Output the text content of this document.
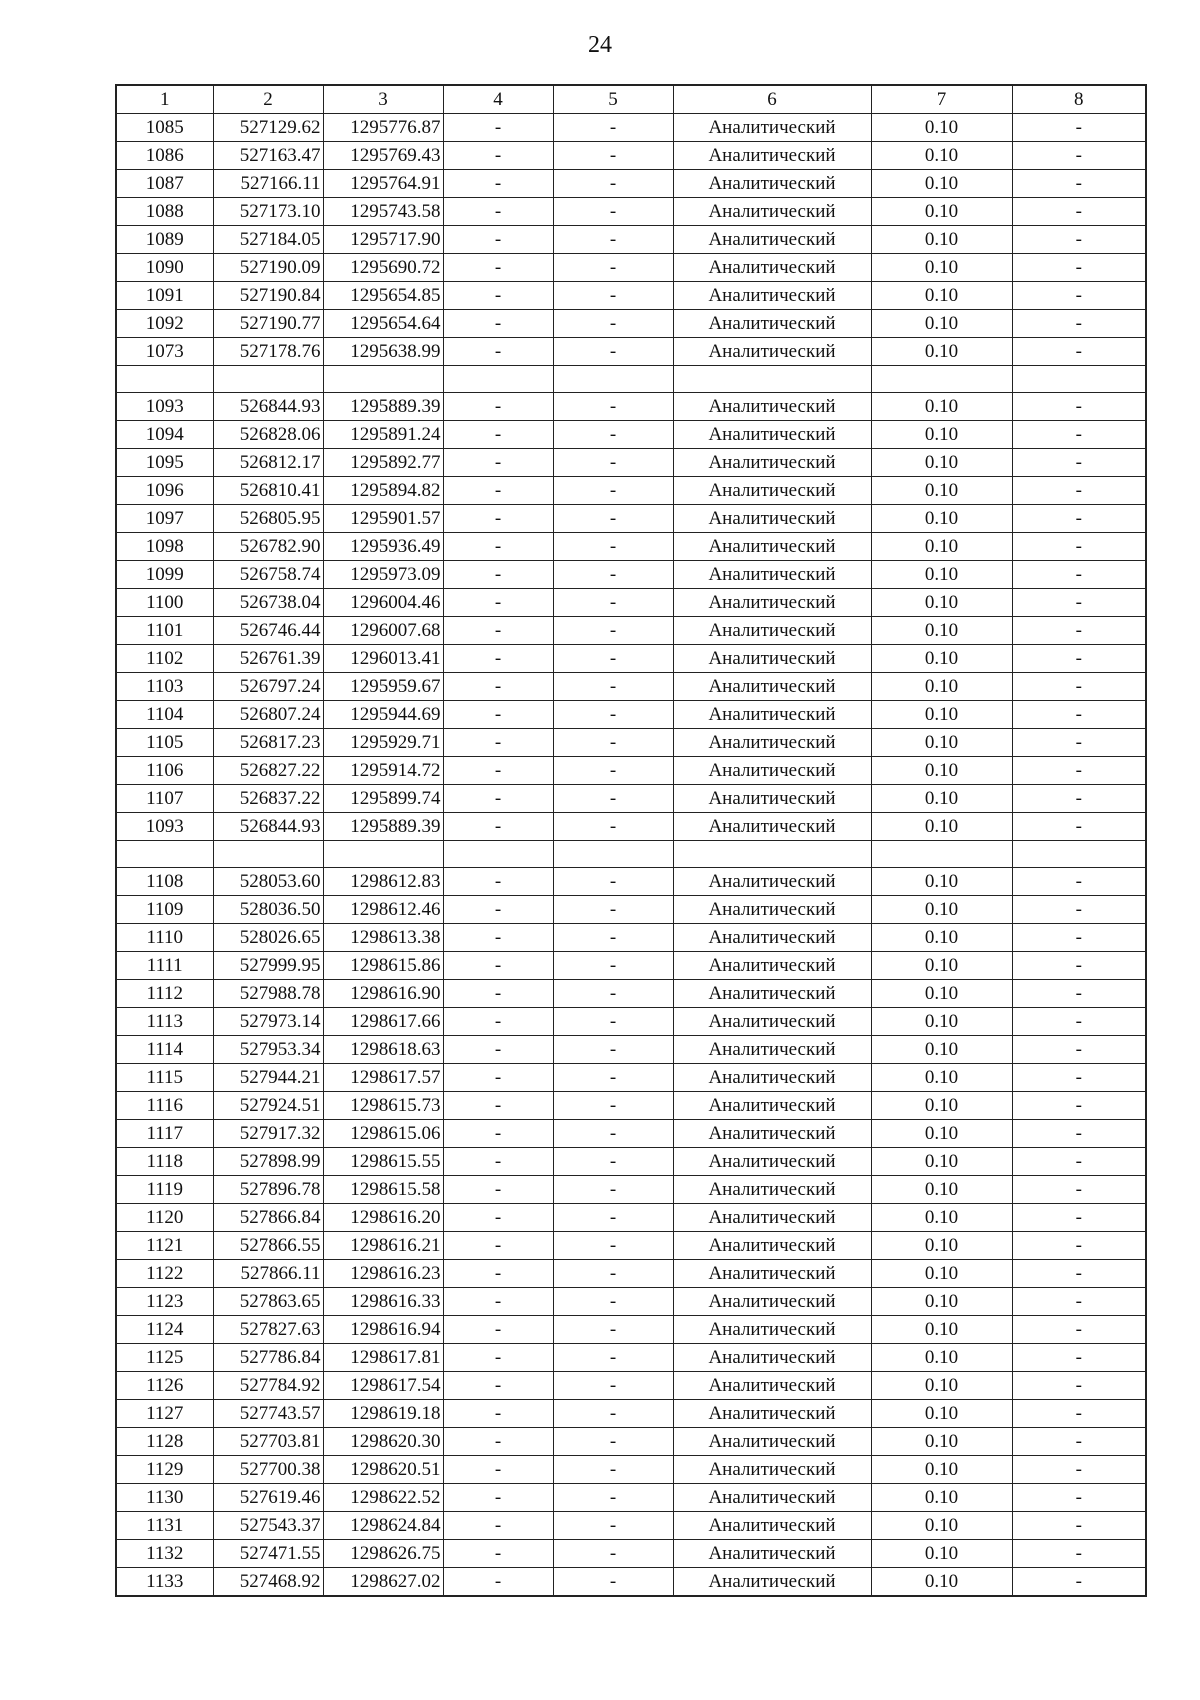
24
1	2	3	4	5	6	7	8
1085	527129.62	1295776.87	-	-	Аналитический	0.10	-
1086	527163.47	1295769.43	-	-	Аналитический	0.10	-
1087	527166.11	1295764.91	-	-	Аналитический	0.10	-
1088	527173.10	1295743.58	-	-	Аналитический	0.10	-
1089	527184.05	1295717.90	-	-	Аналитический	0.10	-
1090	527190.09	1295690.72	-	-	Аналитический	0.10	-
1091	527190.84	1295654.85	-	-	Аналитический	0.10	-
1092	527190.77	1295654.64	-	-	Аналитический	0.10	-
1073	527178.76	1295638.99	-	-	Аналитический	0.10	-

1093	526844.93	1295889.39	-	-	Аналитический	0.10	-
1094	526828.06	1295891.24	-	-	Аналитический	0.10	-
1095	526812.17	1295892.77	-	-	Аналитический	0.10	-
1096	526810.41	1295894.82	-	-	Аналитический	0.10	-
1097	526805.95	1295901.57	-	-	Аналитический	0.10	-
1098	526782.90	1295936.49	-	-	Аналитический	0.10	-
1099	526758.74	1295973.09	-	-	Аналитический	0.10	-
1100	526738.04	1296004.46	-	-	Аналитический	0.10	-
1101	526746.44	1296007.68	-	-	Аналитический	0.10	-
1102	526761.39	1296013.41	-	-	Аналитический	0.10	-
1103	526797.24	1295959.67	-	-	Аналитический	0.10	-
1104	526807.24	1295944.69	-	-	Аналитический	0.10	-
1105	526817.23	1295929.71	-	-	Аналитический	0.10	-
1106	526827.22	1295914.72	-	-	Аналитический	0.10	-
1107	526837.22	1295899.74	-	-	Аналитический	0.10	-
1093	526844.93	1295889.39	-	-	Аналитический	0.10	-

1108	528053.60	1298612.83	-	-	Аналитический	0.10	-
1109	528036.50	1298612.46	-	-	Аналитический	0.10	-
1110	528026.65	1298613.38	-	-	Аналитический	0.10	-
1111	527999.95	1298615.86	-	-	Аналитический	0.10	-
1112	527988.78	1298616.90	-	-	Аналитический	0.10	-
1113	527973.14	1298617.66	-	-	Аналитический	0.10	-
1114	527953.34	1298618.63	-	-	Аналитический	0.10	-
1115	527944.21	1298617.57	-	-	Аналитический	0.10	-
1116	527924.51	1298615.73	-	-	Аналитический	0.10	-
1117	527917.32	1298615.06	-	-	Аналитический	0.10	-
1118	527898.99	1298615.55	-	-	Аналитический	0.10	-
1119	527896.78	1298615.58	-	-	Аналитический	0.10	-
1120	527866.84	1298616.20	-	-	Аналитический	0.10	-
1121	527866.55	1298616.21	-	-	Аналитический	0.10	-
1122	527866.11	1298616.23	-	-	Аналитический	0.10	-
1123	527863.65	1298616.33	-	-	Аналитический	0.10	-
1124	527827.63	1298616.94	-	-	Аналитический	0.10	-
1125	527786.84	1298617.81	-	-	Аналитический	0.10	-
1126	527784.92	1298617.54	-	-	Аналитический	0.10	-
1127	527743.57	1298619.18	-	-	Аналитический	0.10	-
1128	527703.81	1298620.30	-	-	Аналитический	0.10	-
1129	527700.38	1298620.51	-	-	Аналитический	0.10	-
1130	527619.46	1298622.52	-	-	Аналитический	0.10	-
1131	527543.37	1298624.84	-	-	Аналитический	0.10	-
1132	527471.55	1298626.75	-	-	Аналитический	0.10	-
1133	527468.92	1298627.02	-	-	Аналитический	0.10	-
